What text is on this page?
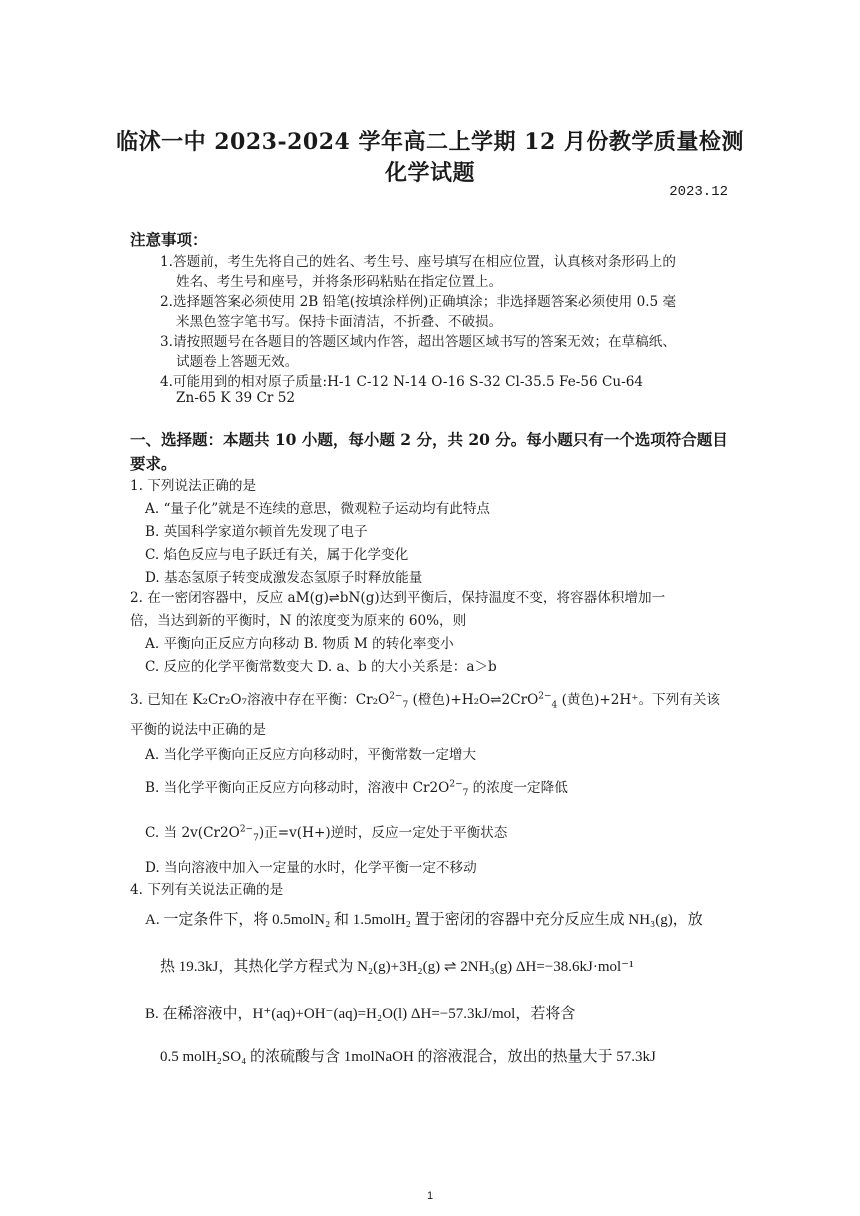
临沭一中 2023-2024 学年高二上学期 12 月份教学质量检测
化学试题
2023.12
注意事项：
1.答题前，考生先将自己的姓名、考生号、座号填写在相应位置，认真核对条形码上的
姓名、考生号和座号，并将条形码粘贴在指定位置上。
2.选择题答案必须使用 2B 铅笔(按填涂样例)正确填涂；非选择题答案必须使用 0.5 毫
米黑色签字笔书写。保持卡面清洁，不折叠、不破损。
3.请按照题号在各题目的答题区域内作答，超出答题区域书写的答案无效；在草稿纸、
试题卷上答题无效。
4.可能用到的相对原子质量:H-1 C-12 N-14 O-16 S-32 Cl-35.5 Fe-56 Cu-64
Zn-65 K 39 Cr 52
一、选择题：本题共 10 小题，每小题 2 分，共 20 分。每小题只有一个选项符合题目要求。
1. 下列说法正确的是
A. “量子化”就是不连续的意思，微观粒子运动均有此特点
B. 英国科学家道尔顿首先发现了电子
C. 焰色反应与电子跃迁有关，属于化学变化
D. 基态氢原子转变成激发态氢原子时释放能量
2. 在一密闭容器中，反应 aM(g)⇌bN(g)达到平衡后，保持温度不变，将容器体积增加一
倍，当达到新的平衡时，N 的浓度变为原来的 60%，则
A. 平衡向正反应方向移动 B. 物质 M 的转化率变小
C. 反应的化学平衡常数变大 D. a、b 的大小关系是：a＞b
3. 已知在 K₂Cr₂O₇溶液中存在平衡：$Cr_2O^{2-}_7$ (橙色)+H₂O⇌2CrO$^{2-}_4$ (黄色)+2H⁺。下列有关该
平衡的说法中正确的是
A. 当化学平衡向正反应方向移动时，平衡常数一定增大
B. 当化学平衡向正反应方向移动时，溶液中 $Cr2O^{2-}_7$ 的浓度一定降低
C. 当 $2v(Cr2O^{2-}_7)$正=v(H+)逆时，反应一定处于平衡状态
D. 当向溶液中加入一定量的水时，化学平衡一定不移动
4. 下列有关说法正确的是
A. 一定条件下，将 0.5molN₂ 和 1.5molH₂ 置于密闭的容器中充分反应生成 NH₃(g)，放
热 19.3kJ，其热化学方程式为 N₂(g)+3H₂(g) ⇌ 2NH₃(g) ΔH=−38.6kJ·mol⁻¹
B. 在稀溶液中，H⁺(aq)+OH⁻(aq)=H₂O(l) ΔH=−57.3kJ/mol，若将含
0.5 molH₂SO₄ 的浓硫酸与含 1molNaOH 的溶液混合，放出的热量大于 57.3kJ
1
